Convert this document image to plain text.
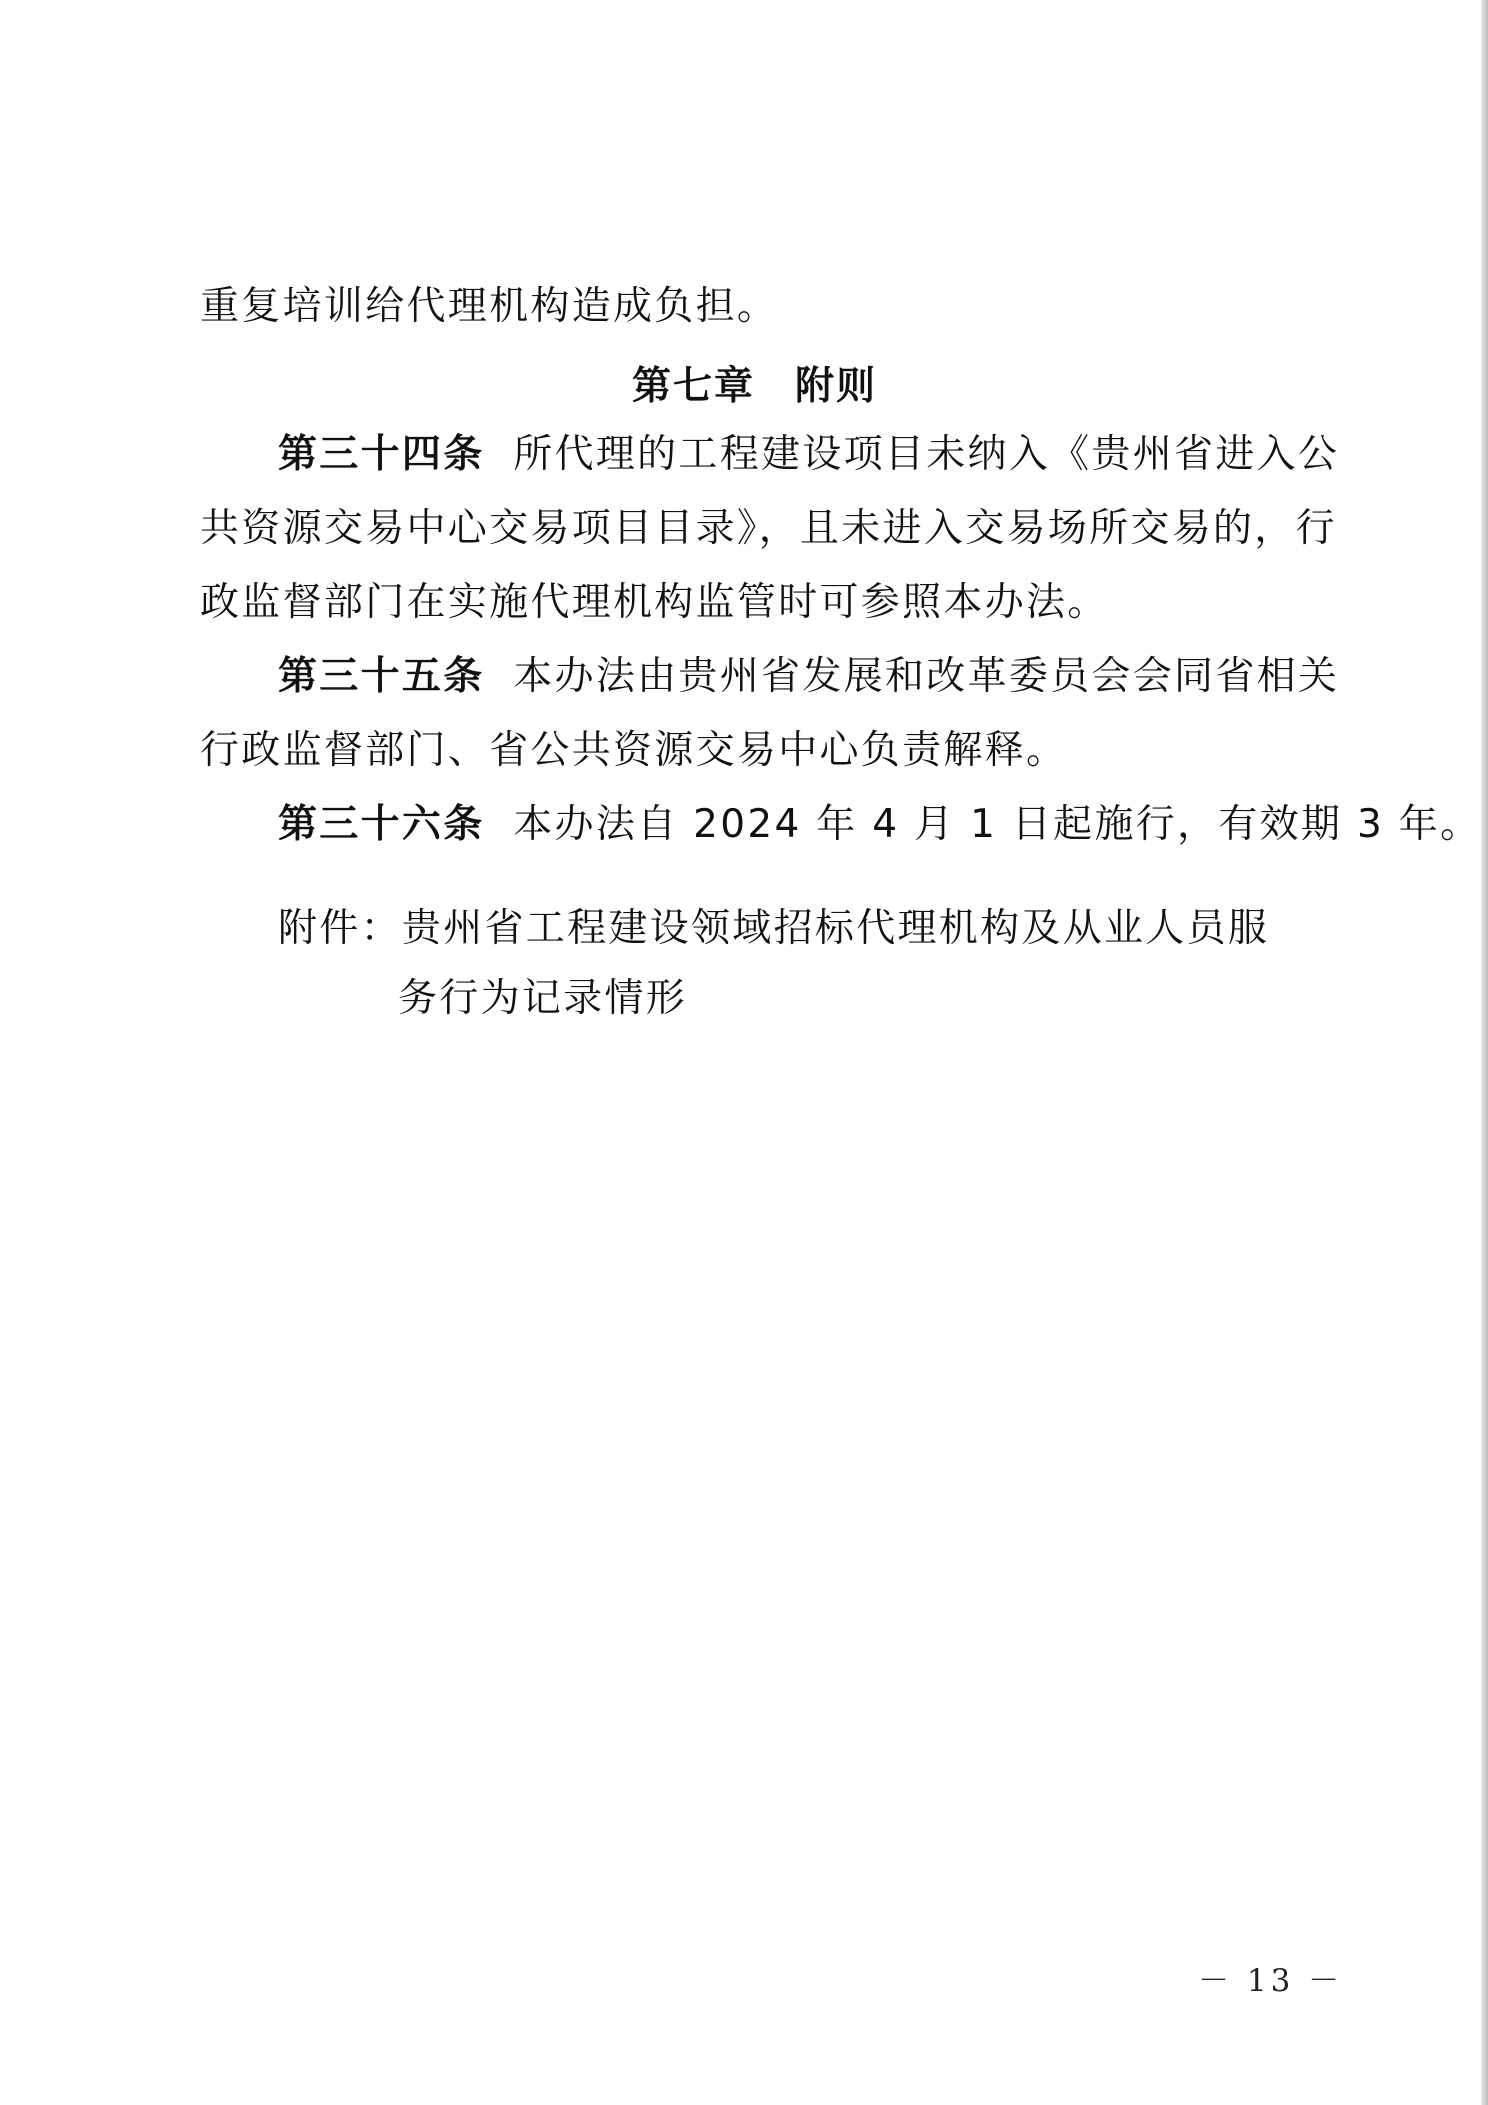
重复培训给代理机构造成负担。
第七章 附则
第三十四条 所代理的工程建设项目未纳入《贵州省进入公
共资源交易中心交易项目目录》，且未进入交易场所交易的，行
政监督部门在实施代理机构监管时可参照本办法。
第三十五条 本办法由贵州省发展和改革委员会会同省相关
行政监督部门、省公共资源交易中心负责解释。
第三十六条 本办法自 2024 年 4 月 1 日起施行，有效期 3 年。
附件：贵州省工程建设领域招标代理机构及从业人员服
务行为记录情形
－ 13 －
